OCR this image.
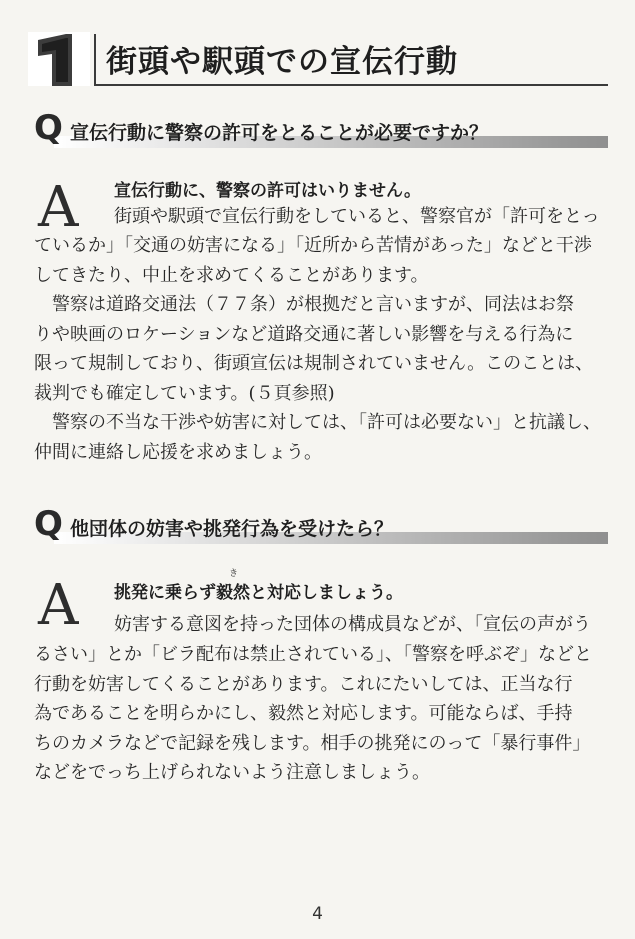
街頭や駅頭での宣伝行動
Q 宣伝行動に警察の許可をとることが必要ですか？
A 宣伝行動に、警察の許可はいりません。
街頭や駅頭で宣伝行動をしていると、警察官が「許可をとっ
ているか」「交通の妨害になる」「近所から苦情があった」などと干渉
してきたり、中止を求めてくることがあります。
警察は道路交通法（７７条）が根拠だと言いますが、同法はお祭
りや映画のロケーションなど道路交通に著しい影響を与える行為に
限って規制しており、街頭宣伝は規制されていません。このことは、
裁判でも確定しています。(５頁参照)
警察の不当な干渉や妨害に対しては、「許可は必要ない」と抗議し、
仲間に連絡し応援を求めましょう。
Q 他団体の妨害や挑発行為を受けたら？
A	き
挑発に乗らず毅然と対応しましょう。
妨害する意図を持った団体の構成員などが、「宣伝の声がう
るさい」とか「ビラ配布は禁止されている」、「警察を呼ぶぞ」などと
行動を妨害してくることがあります。これにたいしては、正当な行
為であることを明らかにし、毅然と対応します。可能ならば、手持
ちのカメラなどで記録を残します。相手の挑発にのって「暴行事件」
などをでっち上げられないよう注意しましょう。
4
